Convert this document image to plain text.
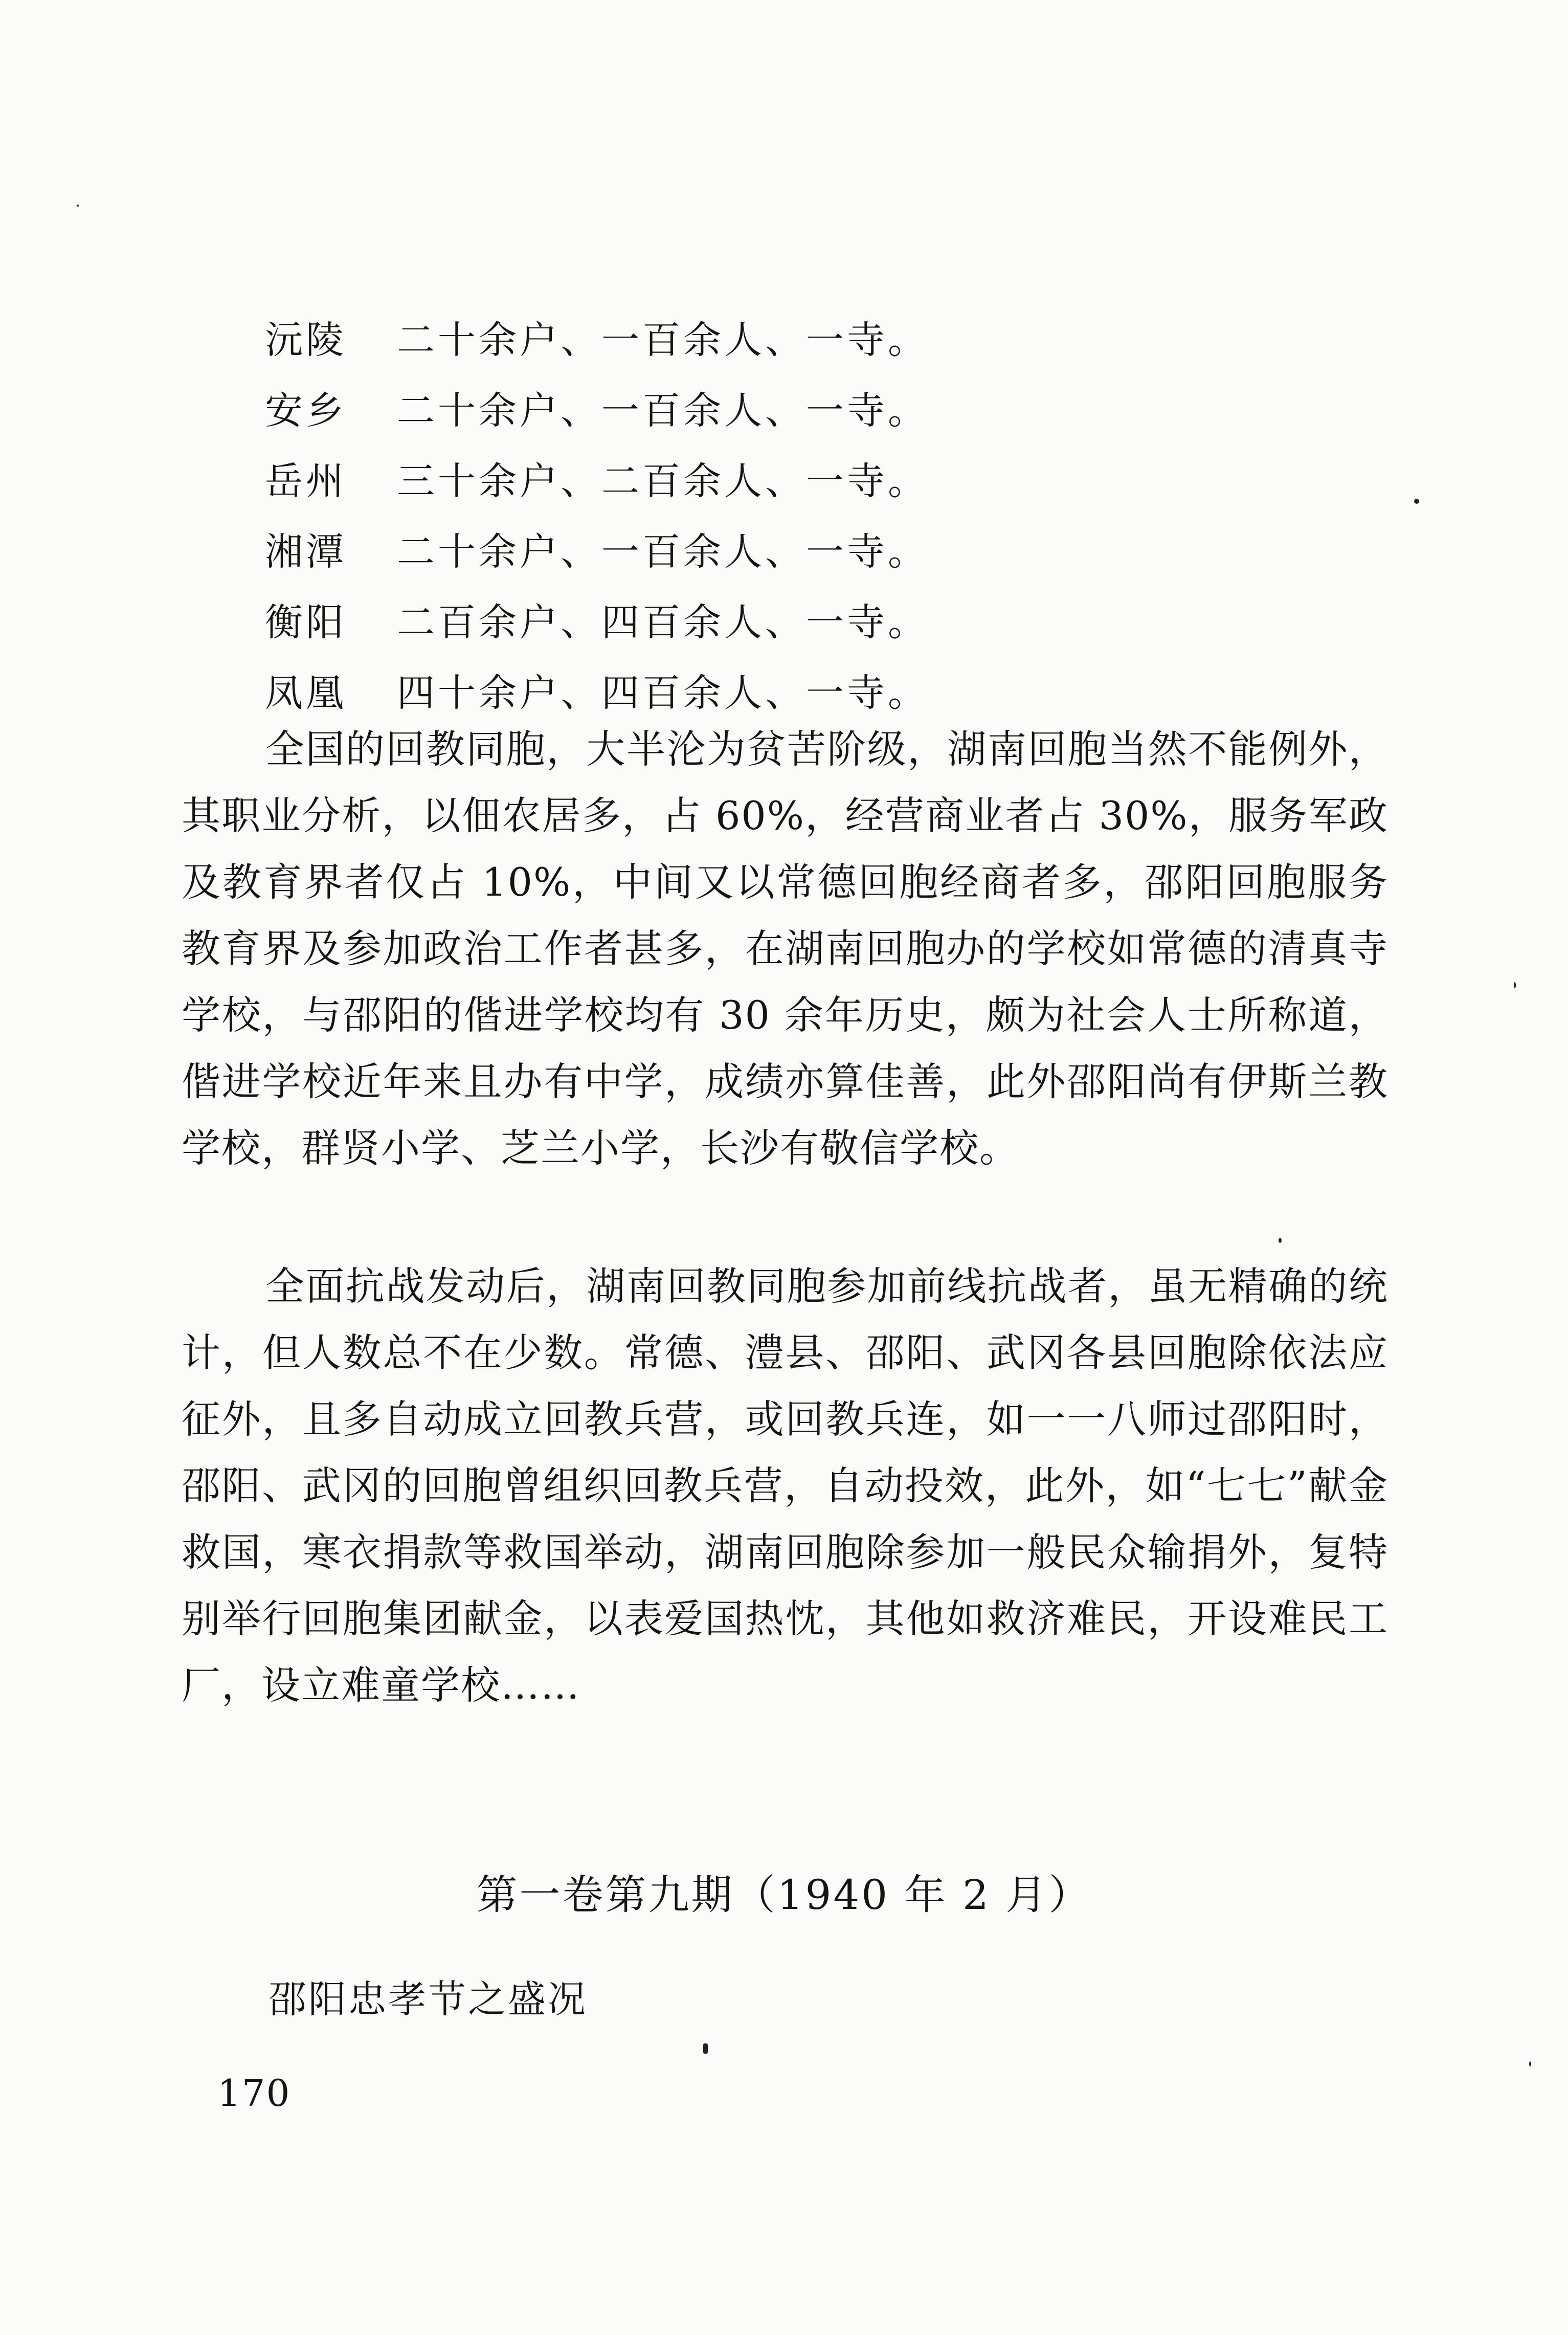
沅陵	二十余户、一百余人、一寺。
安乡	二十余户、一百余人、一寺。
岳州	三十余户、二百余人、一寺。
湘潭	二十余户、一百余人、一寺。
衡阳	二百余户、四百余人、一寺。
凤凰	四十余户、四百余人、一寺。

全国的回教同胞，大半沦为贫苦阶级，湖南回胞当然不能例外，其职业分析，以佃农居多，占 60%，经营商业者占 30%，服务军政及教育界者仅占 10%，中间又以常德回胞经商者多，邵阳回胞服务教育界及参加政治工作者甚多，在湖南回胞办的学校如常德的清真寺学校，与邵阳的偕进学校均有 30 余年历史，颇为社会人士所称道，偕进学校近年来且办有中学，成绩亦算佳善，此外邵阳尚有伊斯兰教学校，群贤小学、芝兰小学，长沙有敬信学校。

全面抗战发动后，湖南回教同胞参加前线抗战者，虽无精确的统计，但人数总不在少数。常德、澧县、邵阳、武冈各县回胞除依法应征外，且多自动成立回教兵营，或回教兵连，如一一八师过邵阳时，邵阳、武冈的回胞曾组织回教兵营，自动投效，此外，如“七七”献金救国，寒衣捐款等救国举动，湖南回胞除参加一般民众输捐外，复特别举行回胞集团献金，以表爱国热忱，其他如救济难民，开设难民工厂，设立难童学校……

第一卷第九期（1940 年 2 月）
邵阳忠孝节之盛况
170
